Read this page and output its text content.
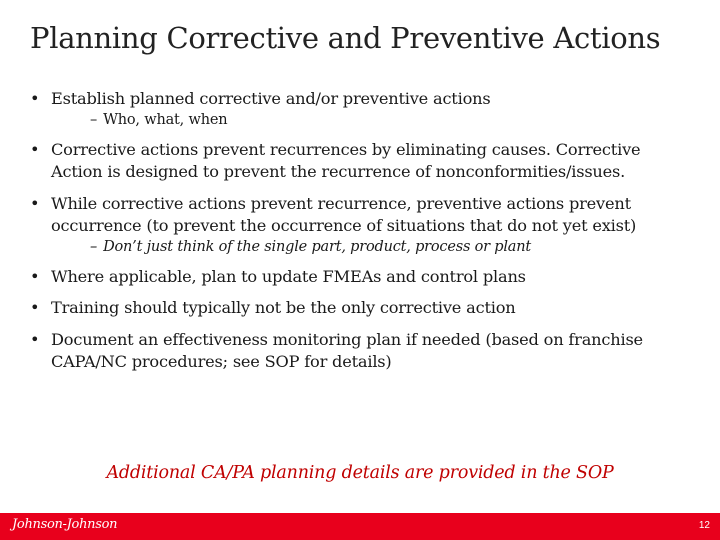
Planning Corrective and Preventive Actions
• Establish planned corrective and/or preventive actions
– Who, what, when
• Corrective actions prevent recurrences by eliminating causes. Corrective Action is designed to prevent the recurrence of nonconformities/issues.
• While corrective actions prevent recurrence, preventive actions prevent occurrence (to prevent the occurrence of situations that do not yet exist)
– Don’t just think of the single part, product, process or plant
• Where applicable, plan to update FMEAs and control plans
• Training should typically not be the only corrective action
• Document an effectiveness monitoring plan if needed (based on franchise CAPA/NC procedures; see SOP for details)
Additional CA/PA planning details are provided in the SOP
Johnson-Johnson	12
